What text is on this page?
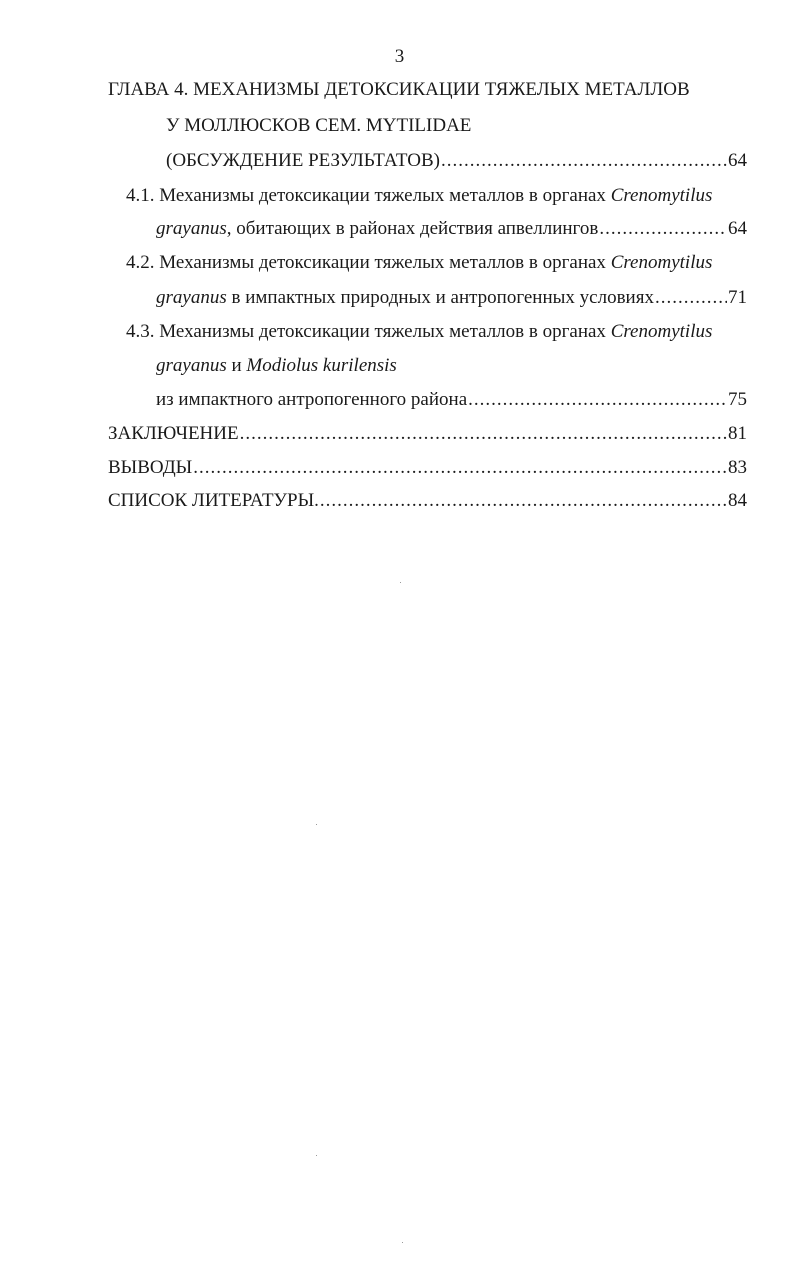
3
ГЛАВА 4. МЕХАНИЗМЫ ДЕТОКСИКАЦИИ ТЯЖЕЛЫХ МЕТАЛЛОВ
У МОЛЛЮСКОВ СЕМ. MYTILIDAE
(ОБСУЖДЕНИЕ РЕЗУЛЬТАТОВ) .....	64
4.1. Механизмы детоксикации тяжелых металлов в органах Crenomytilus
grayanus, обитающих в районах действия апвеллингов .....	64
4.2. Механизмы детоксикации тяжелых металлов в органах Crenomytilus
grayanus в импактных природных и антропогенных условиях .....	71
4.3. Механизмы детоксикации тяжелых металлов в органах Crenomytilus
grayanus и Modiolus kurilensis
из импактного антропогенного района .....	75
ЗАКЛЮЧЕНИЕ .....	81
ВЫВОДЫ .....	83
СПИСОК ЛИТЕРАТУРЫ. .....	84
